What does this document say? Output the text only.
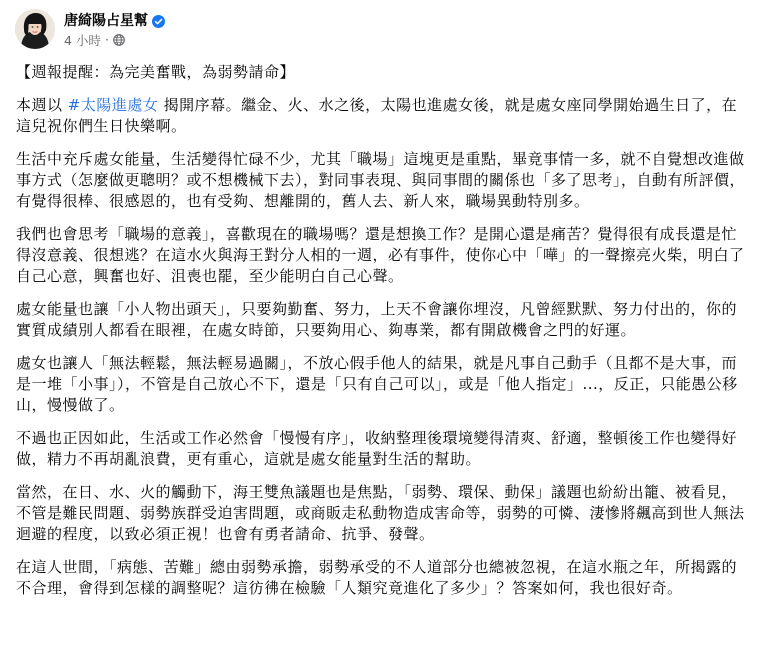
唐綺陽占星幫
4 小時 ·

【週報提醒：為完美奮戰，為弱勢請命】

本週以 #太陽進處女 揭開序幕。繼金、火、水之後，太陽也進處女後，就是處女座同學開始過生日了，在這兒祝你們生日快樂啊。

生活中充斥處女能量，生活變得忙碌不少，尤其「職場」這塊更是重點，畢竟事情一多，就不自覺想改進做事方式（怎麼做更聰明？或不想機械下去），對同事表現、與同事間的關係也「多了思考」，自動有所評價，有覺得很棒、很感恩的，也有受夠、想離開的，舊人去、新人來，職場異動特別多。

我們也會思考「職場的意義」，喜歡現在的職場嗎？還是想換工作？是開心還是痛苦？覺得很有成長還是忙得沒意義、很想逃？在這水火與海王對分人相的一週，必有事件，使你心中「嘩」的一聲擦亮火柴，明白了自己心意，興奮也好、沮喪也罷，至少能明白自己心聲。

處女能量也讓「小人物出頭天」，只要夠勤奮、努力，上天不會讓你埋沒，凡曾經默默、努力付出的，你的實質成績別人都看在眼裡，在處女時節，只要夠用心、夠專業，都有開啟機會之門的好運。

處女也讓人「無法輕鬆，無法輕易過關」，不放心假手他人的結果，就是凡事自己動手（且都不是大事，而是一堆「小事」），不管是自己放心不下，還是「只有自己可以」，或是「他人指定」...，反正，只能愚公移山，慢慢做了。

不過也正因如此，生活或工作必然會「慢慢有序」，收納整理後環境變得清爽、舒適，整頓後工作也變得好做，精力不再胡亂浪費，更有重心，這就是處女能量對生活的幫助。

當然，在日、水、火的觸動下，海王雙魚議題也是焦點，「弱勢、環保、動保」議題也紛紛出籠、被看見，不管是難民問題、弱勢族群受迫害問題，或商販走私動物造成害命等，弱勢的可憐、淒慘將飆高到世人無法迴避的程度，以致必須正視！也會有勇者請命、抗爭、發聲。

在這人世間，「病態、苦難」總由弱勢承擔，弱勢承受的不人道部分也總被忽視，在這水瓶之年，所揭露的不合理，會得到怎樣的調整呢？這彷彿在檢驗「人類究竟進化了多少」？答案如何，我也很好奇。
